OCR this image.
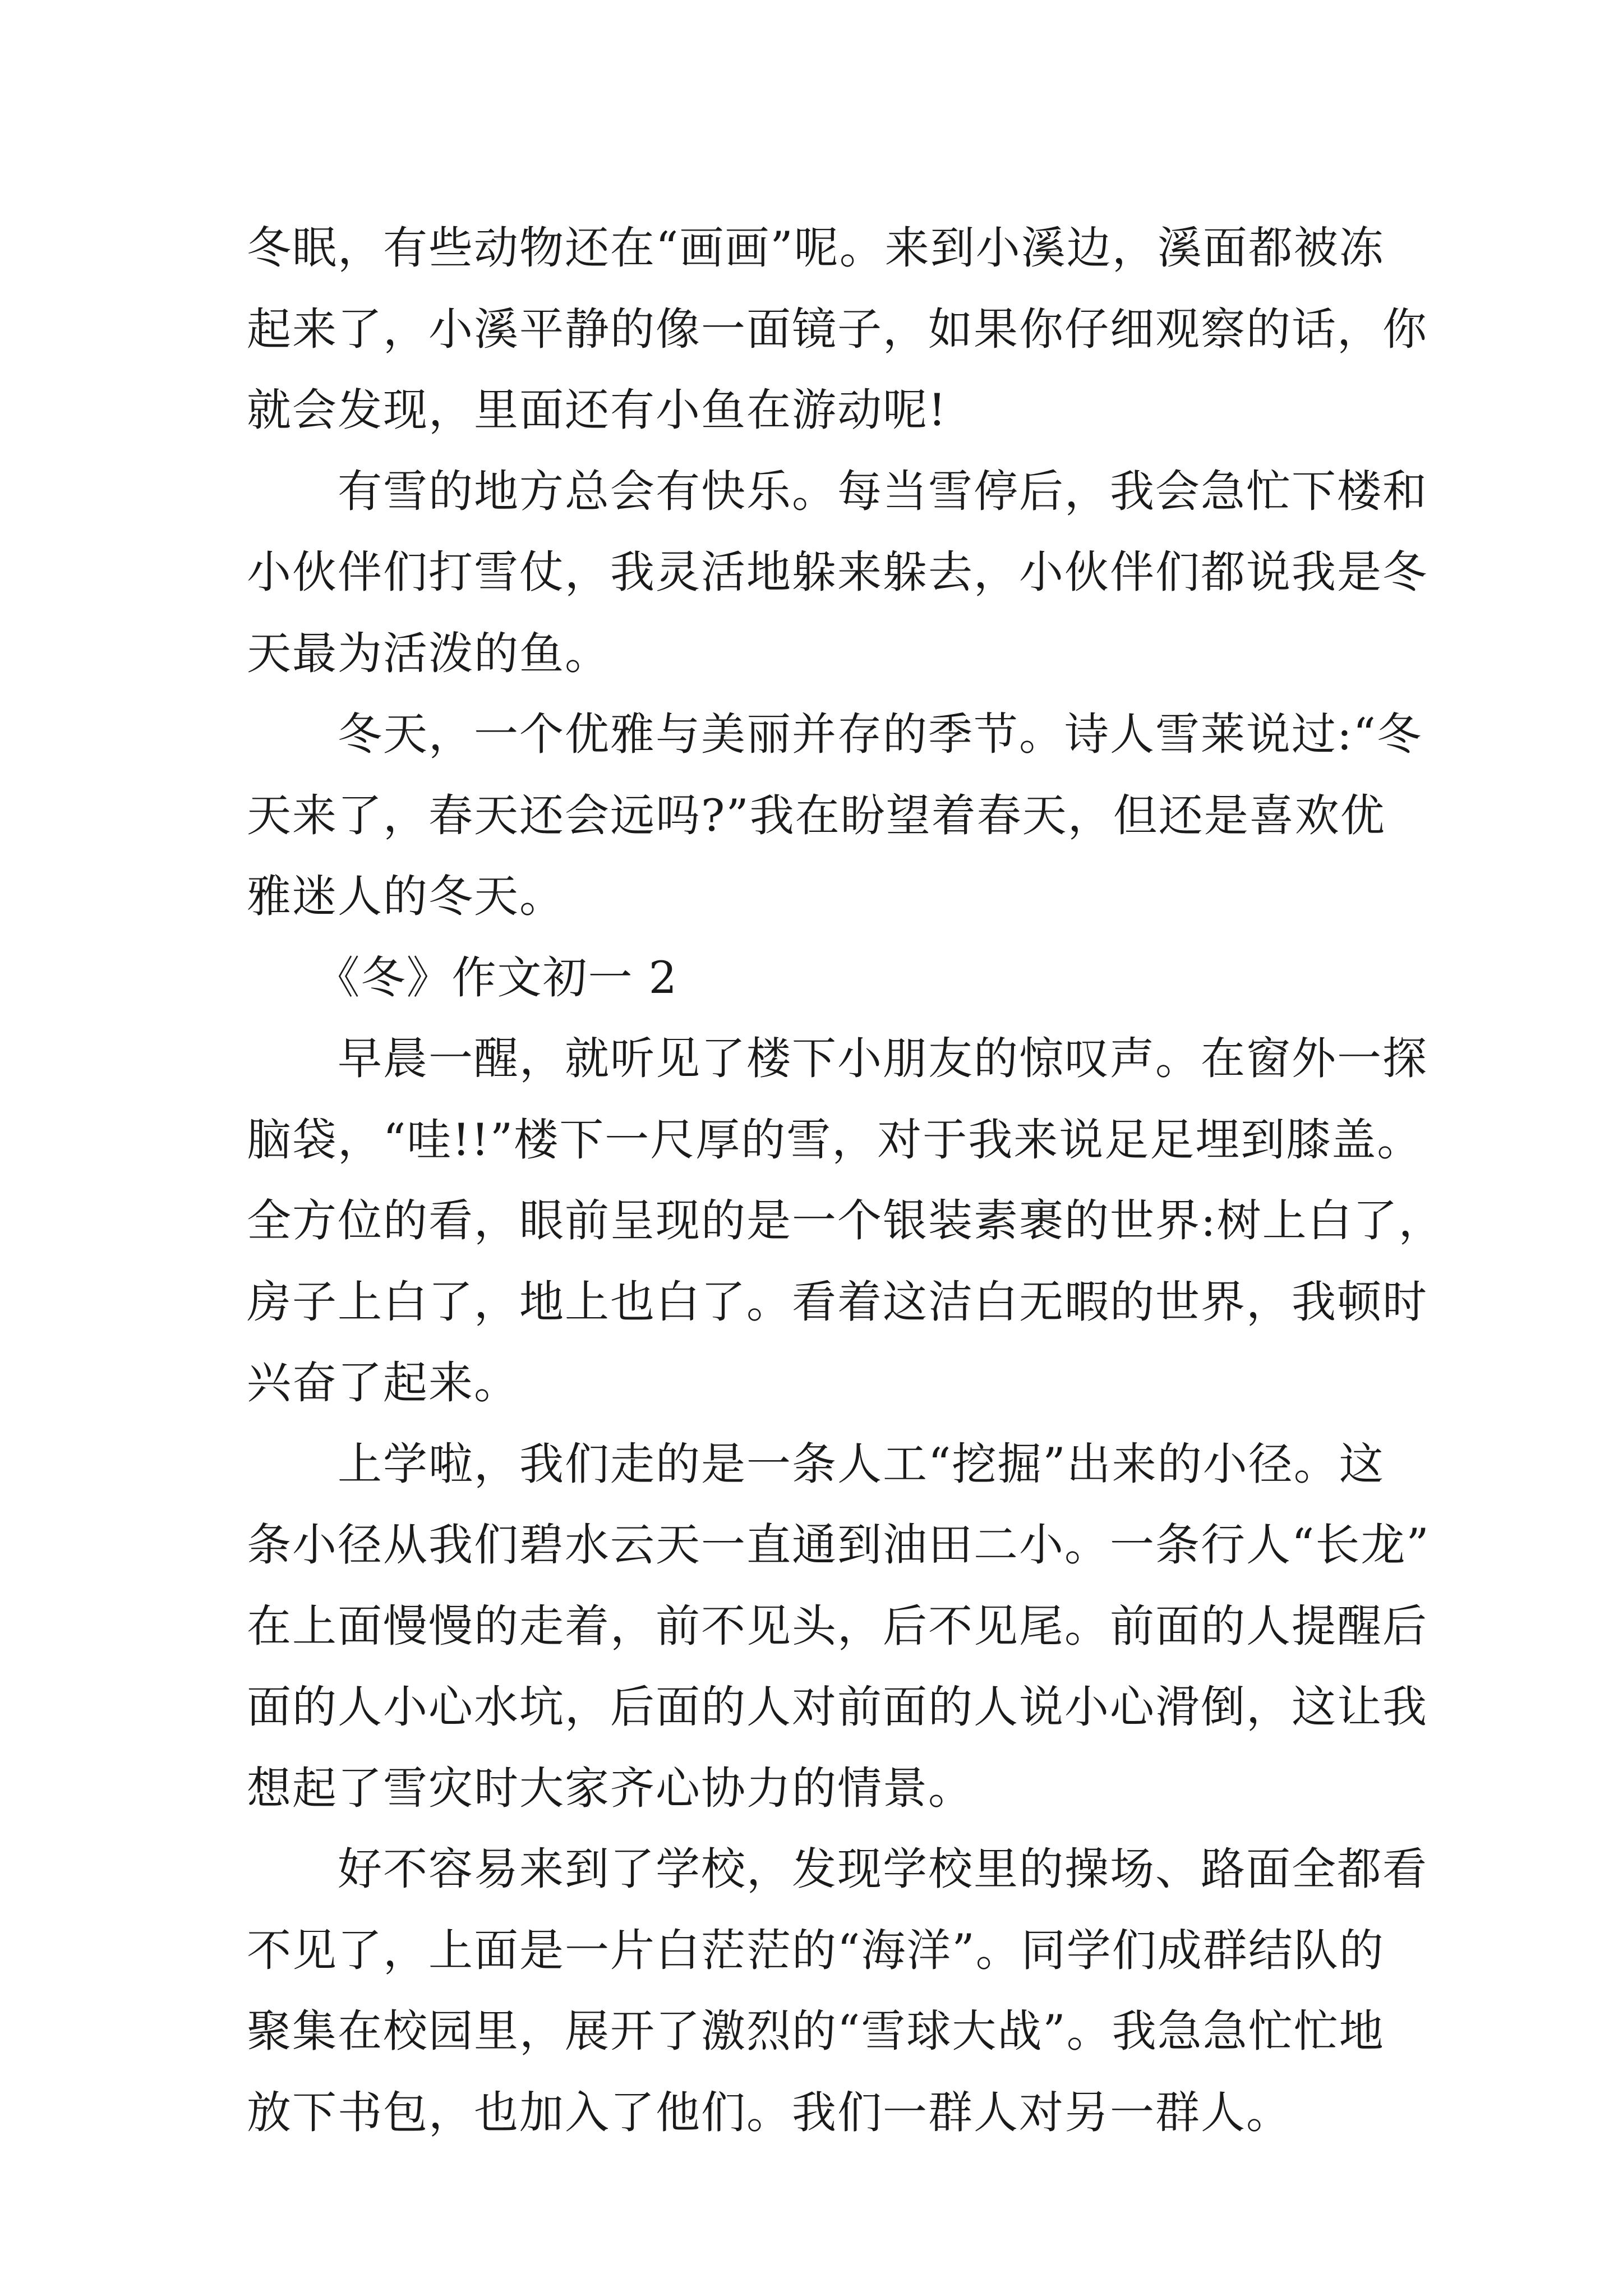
冬眠，有些动物还在“画画”呢。来到小溪边，溪面都被冻
起来了，小溪平静的像一面镜子，如果你仔细观察的话，你
就会发现，里面还有小鱼在游动呢!
　　有雪的地方总会有快乐。每当雪停后，我会急忙下楼和
小伙伴们打雪仗，我灵活地躲来躲去，小伙伴们都说我是冬
天最为活泼的鱼。
　　冬天，一个优雅与美丽并存的季节。诗人雪莱说过:“冬
天来了，春天还会远吗?”我在盼望着春天，但还是喜欢优
雅迷人的冬天。
　　《冬》作文初一 2
　　早晨一醒，就听见了楼下小朋友的惊叹声。在窗外一探
脑袋，“哇!!”楼下一尺厚的雪，对于我来说足足埋到膝盖。
全方位的看，眼前呈现的是一个银装素裹的世界:树上白了，
房子上白了，地上也白了。看着这洁白无暇的世界，我顿时
兴奋了起来。
　　上学啦，我们走的是一条人工“挖掘”出来的小径。这
条小径从我们碧水云天一直通到油田二小。一条行人“长龙”
在上面慢慢的走着，前不见头，后不见尾。前面的人提醒后
面的人小心水坑，后面的人对前面的人说小心滑倒，这让我
想起了雪灾时大家齐心协力的情景。
　　好不容易来到了学校，发现学校里的操场、路面全都看
不见了，上面是一片白茫茫的“海洋”。同学们成群结队的
聚集在校园里，展开了激烈的“雪球大战”。我急急忙忙地
放下书包，也加入了他们。我们一群人对另一群人。
